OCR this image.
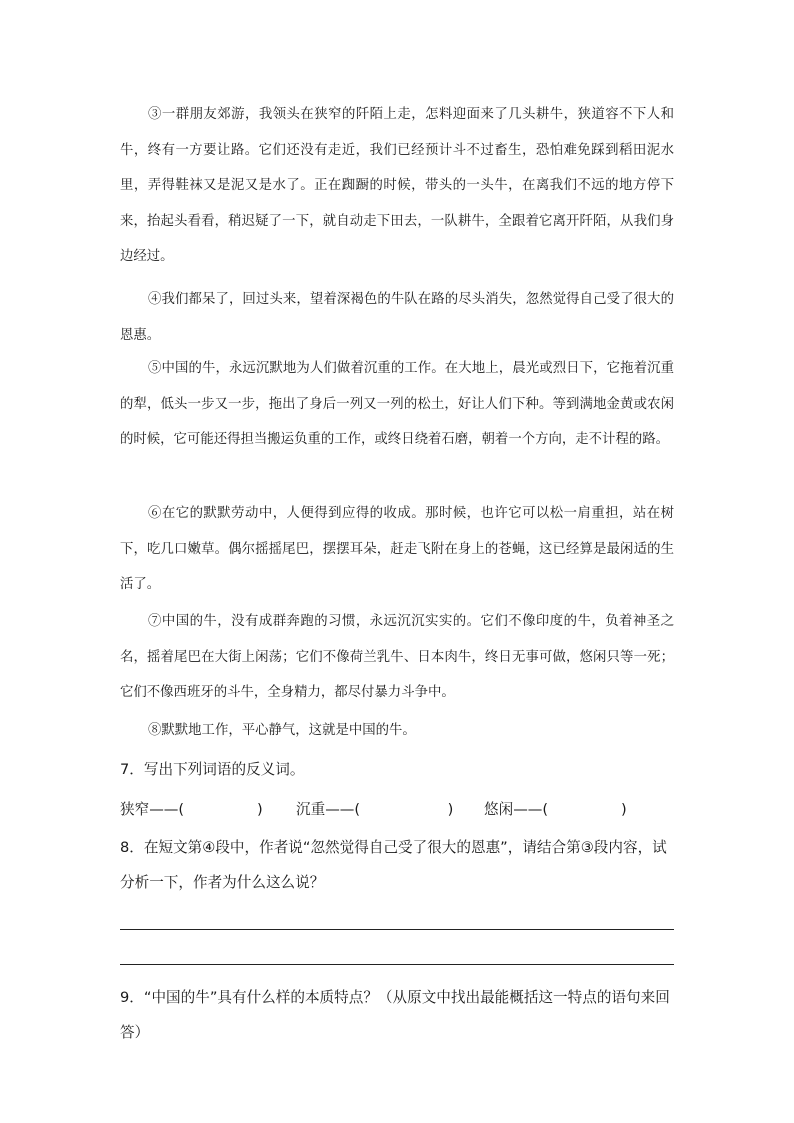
③一群朋友郊游，我领头在狭窄的阡陌上走，怎料迎面来了几头耕牛，狭道容不下人和牛，终有一方要让路。它们还没有走近，我们已经预计斗不过畜生，恐怕难免踩到稻田泥水里，弄得鞋袜又是泥又是水了。正在踟蹰的时候，带头的一头牛，在离我们不远的地方停下来，抬起头看看，稍迟疑了一下，就自动走下田去，一队耕牛，全跟着它离开阡陌，从我们身边经过。

④我们都呆了，回过头来，望着深褐色的牛队在路的尽头消失，忽然觉得自己受了很大的恩惠。

⑤中国的牛，永远沉默地为人们做着沉重的工作。在大地上，晨光或烈日下，它拖着沉重的犁，低头一步又一步，拖出了身后一列又一列的松土，好让人们下种。等到满地金黄或农闲的时候，它可能还得担当搬运负重的工作，或终日绕着石磨，朝着一个方向，走不计程的路。

⑥在它的默默劳动中，人便得到应得的收成。那时候，也许它可以松一肩重担，站在树下，吃几口嫩草。偶尔摇摇尾巴，摆摆耳朵，赶走飞附在身上的苍蝇，这已经算是最闲适的生活了。

⑦中国的牛，没有成群奔跑的习惯，永远沉沉实实的。它们不像印度的牛，负着神圣之名，摇着尾巴在大街上闲荡；它们不像荷兰乳牛、日本肉牛，终日无事可做，悠闲只等一死；它们不像西班牙的斗牛，全身精力，都尽付暴力斗争中。

⑧默默地工作，平心静气，这就是中国的牛。

7．写出下列词语的反义词。

狭窄——(　　　　　) 沉重——(　　　　　　) 悠闲——(　　　　　)

8．在短文第④段中，作者说“忽然觉得自己受了很大的恩惠”，请结合第③段内容，试分析一下，作者为什么这么说？

9．“中国的牛”具有什么样的本质特点？（从原文中找出最能概括这一特点的语句来回答）
